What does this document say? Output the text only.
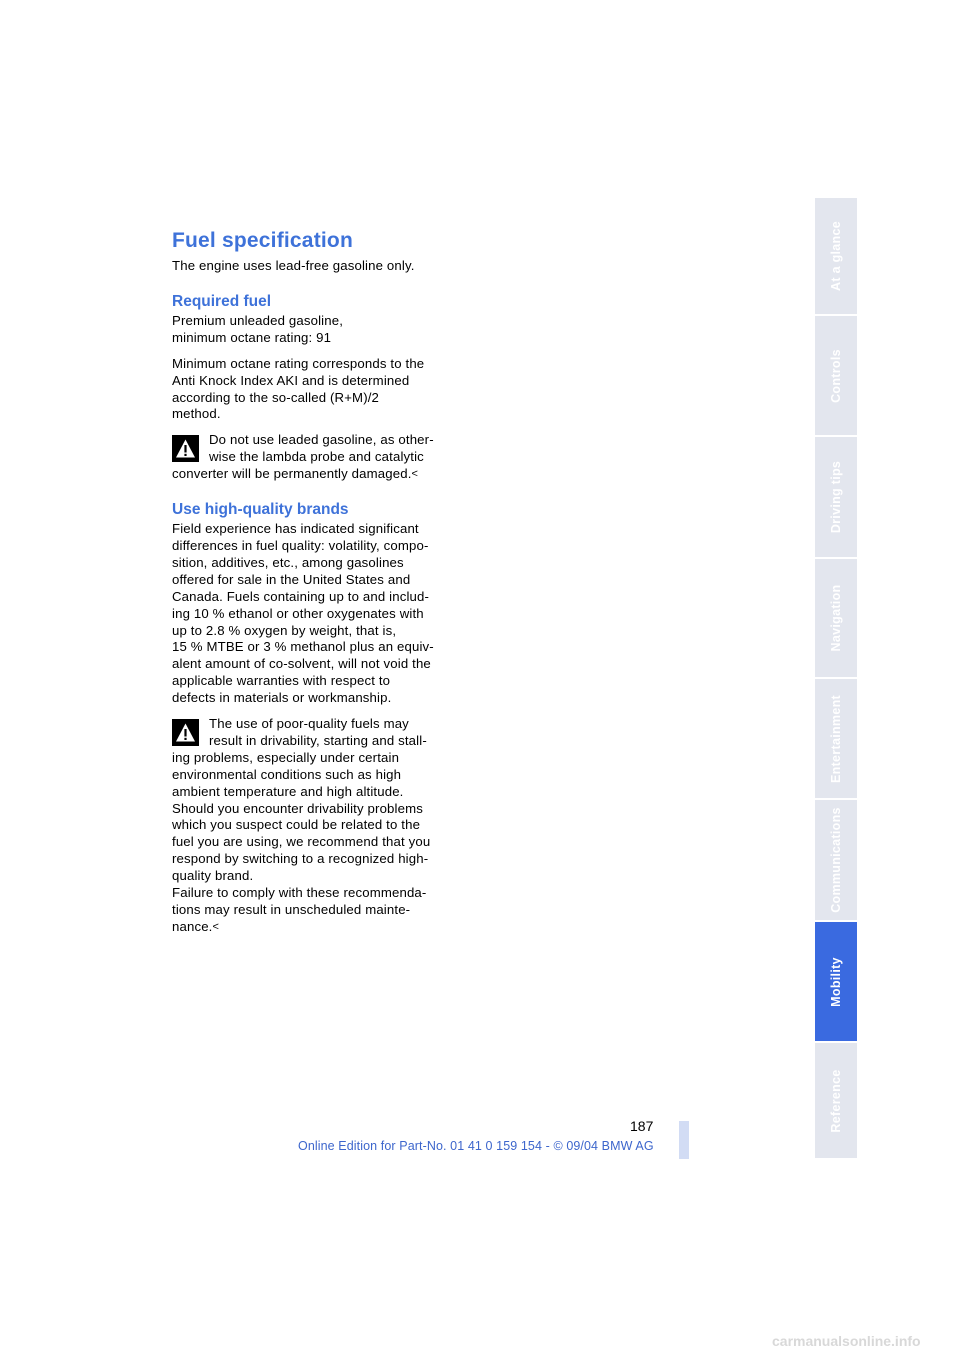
Fuel specification

The engine uses lead-free gasoline only.

Required fuel

Premium unleaded gasoline,
minimum octane rating: 91

Minimum octane rating corresponds to the
Anti Knock Index AKI and is determined
according to the so-called (R+M)/2
method.

Do not use leaded gasoline, as other-
wise the lambda probe and catalytic
converter will be permanently damaged.<

Use high-quality brands

Field experience has indicated significant
differences in fuel quality: volatility, compo-
sition, additives, etc., among gasolines
offered for sale in the United States and
Canada. Fuels containing up to and includ-
ing 10 % ethanol or other oxygenates with
up to 2.8 % oxygen by weight, that is,
15 % MTBE or 3 % methanol plus an equiv-
alent amount of co-solvent, will not void the
applicable warranties with respect to
defects in materials or workmanship.

The use of poor-quality fuels may
result in drivability, starting and stall-
ing problems, especially under certain
environmental conditions such as high
ambient temperature and high altitude.
Should you encounter drivability problems
which you suspect could be related to the
fuel you are using, we recommend that you
respond by switching to a recognized high-
quality brand.
Failure to comply with these recommenda-
tions may result in unscheduled mainte-
nance.<

At a glance
Controls
Driving tips
Navigation
Entertainment
Communications
Mobility
Reference
187
Online Edition for Part-No. 01 41 0 159 154 - © 09/04 BMW AG
carmanualsonline.info
